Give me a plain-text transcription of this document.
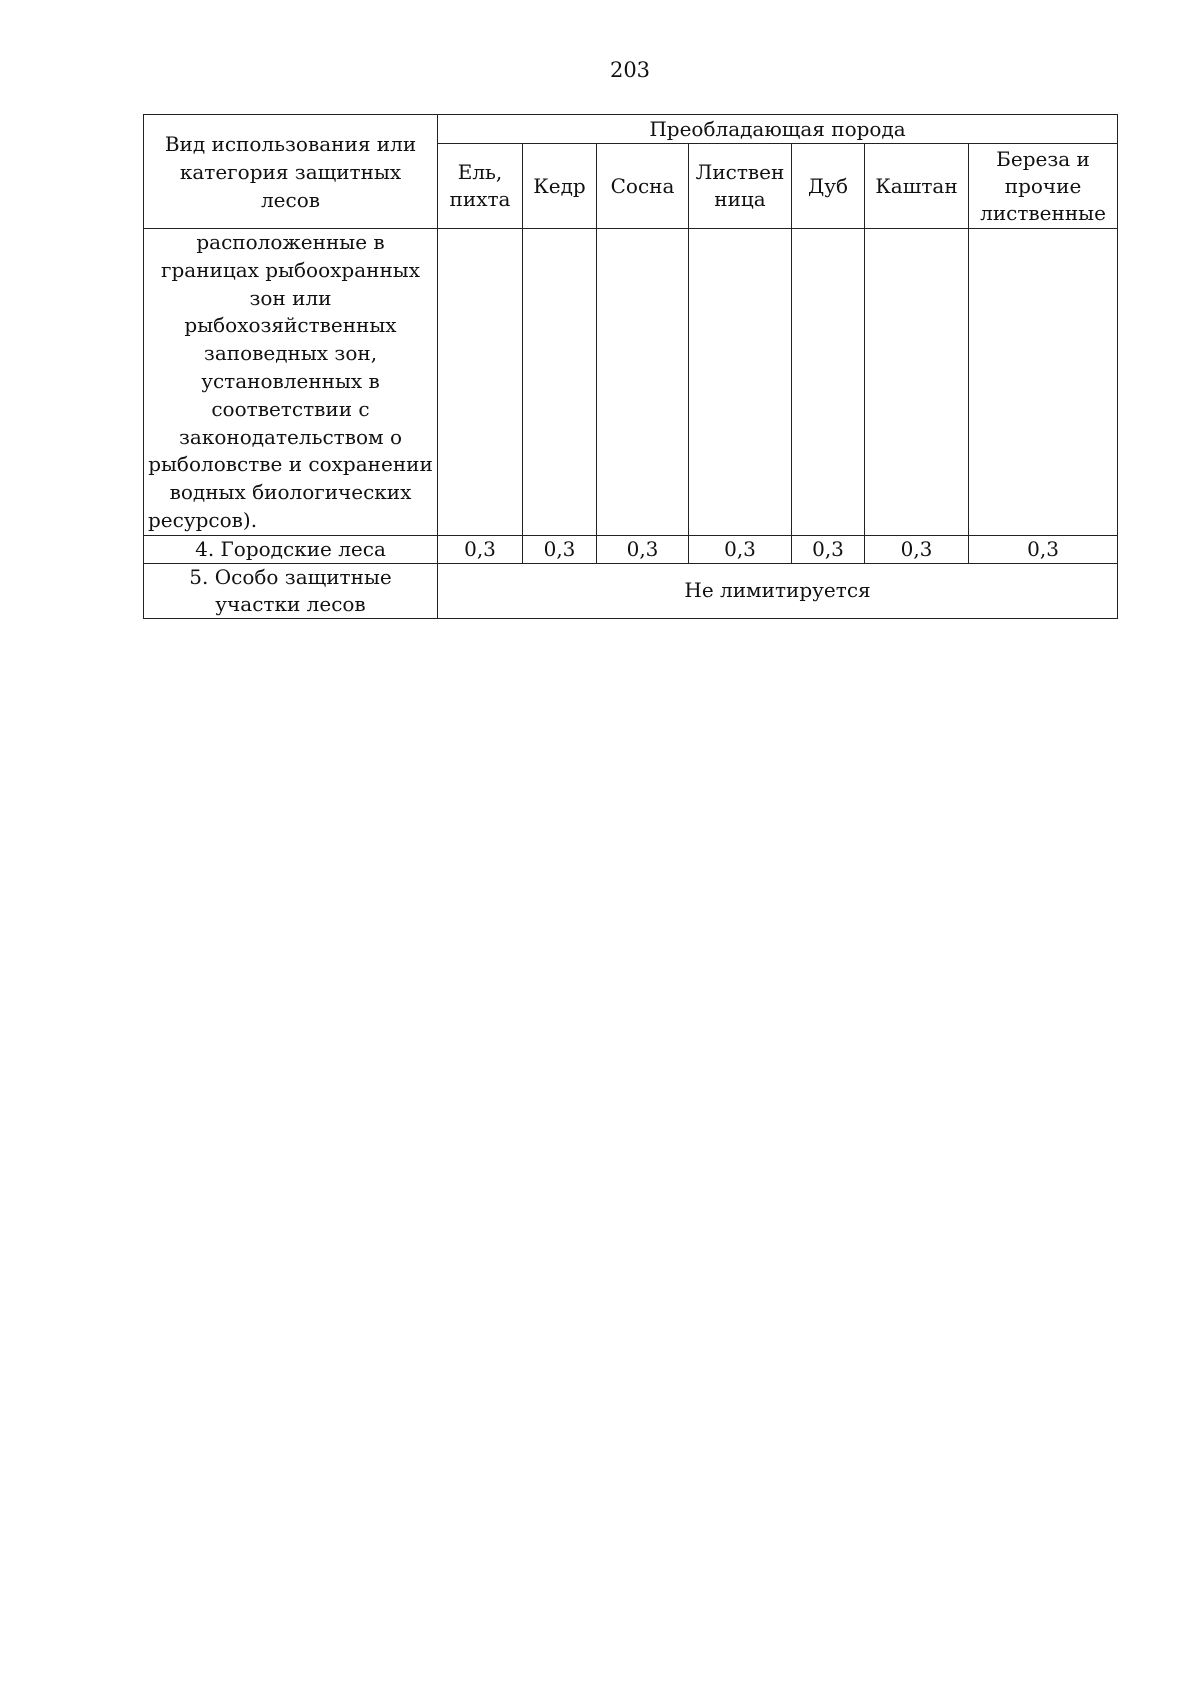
203
Вид использования или категория защитных лесов	Преобладающая порода						
	Ель, пихта	Кедр	Сосна	Листвен ница	Дуб	Каштан	Береза и прочие лиственные
расположенные в границах рыбоохранных зон или рыбохозяйственных заповедных зон, установленных в соответствии с законодательством о рыболовстве и сохранении водных биологических ресурсов).							
4. Городские леса	0,3	0,3	0,3	0,3	0,3	0,3	0,3
5. Особо защитные участки лесов	Не лимитируется						
